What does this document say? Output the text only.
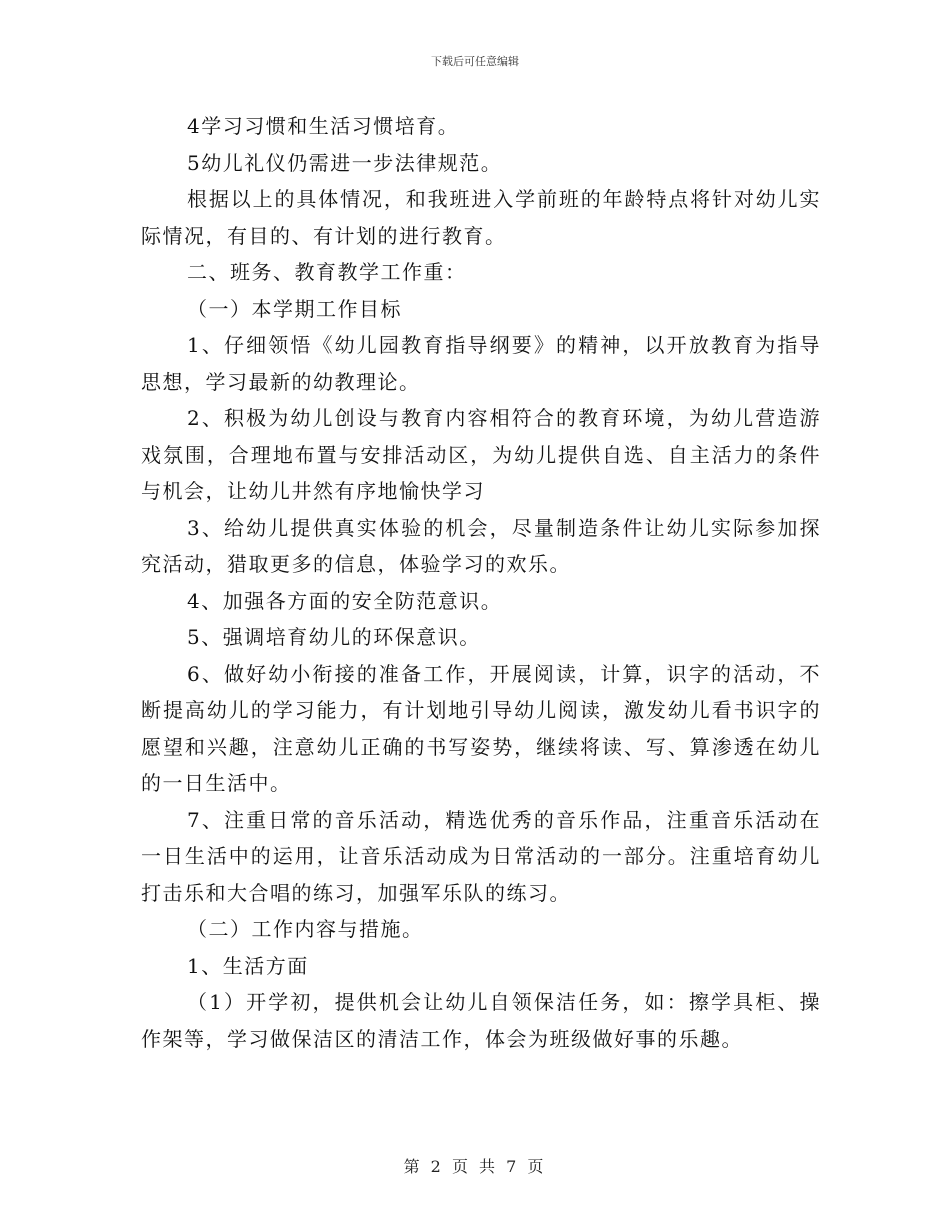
下载后可任意编辑

4学习习惯和生活习惯培育。

5幼儿礼仪仍需进一步法律规范。

根据以上的具体情况，和我班进入学前班的年龄特点将针对幼儿实际情况，有目的、有计划的进行教育。

二、班务、教育教学工作重：

（一）本学期工作目标

1、仔细领悟《幼儿园教育指导纲要》的精神，以开放教育为指导思想，学习最新的幼教理论。

2、积极为幼儿创设与教育内容相符合的教育环境，为幼儿营造游戏氛围，合理地布置与安排活动区，为幼儿提供自选、自主活力的条件与机会，让幼儿井然有序地愉快学习

3、给幼儿提供真实体验的机会，尽量制造条件让幼儿实际参加探究活动，猎取更多的信息，体验学习的欢乐。

4、加强各方面的安全防范意识。

5、强调培育幼儿的环保意识。

6、做好幼小衔接的准备工作，开展阅读，计算，识字的活动，不断提高幼儿的学习能力，有计划地引导幼儿阅读，激发幼儿看书识字的愿望和兴趣，注意幼儿正确的书写姿势，继续将读、写、算渗透在幼儿的一日生活中。

7、注重日常的音乐活动，精选优秀的音乐作品，注重音乐活动在一日生活中的运用，让音乐活动成为日常活动的一部分。注重培育幼儿打击乐和大合唱的练习，加强军乐队的练习。

（二）工作内容与措施。

1、生活方面

（1）开学初，提供机会让幼儿自领保洁任务，如：擦学具柜、操作架等，学习做保洁区的清洁工作，体会为班级做好事的乐趣。

第 2 页 共 7 页
